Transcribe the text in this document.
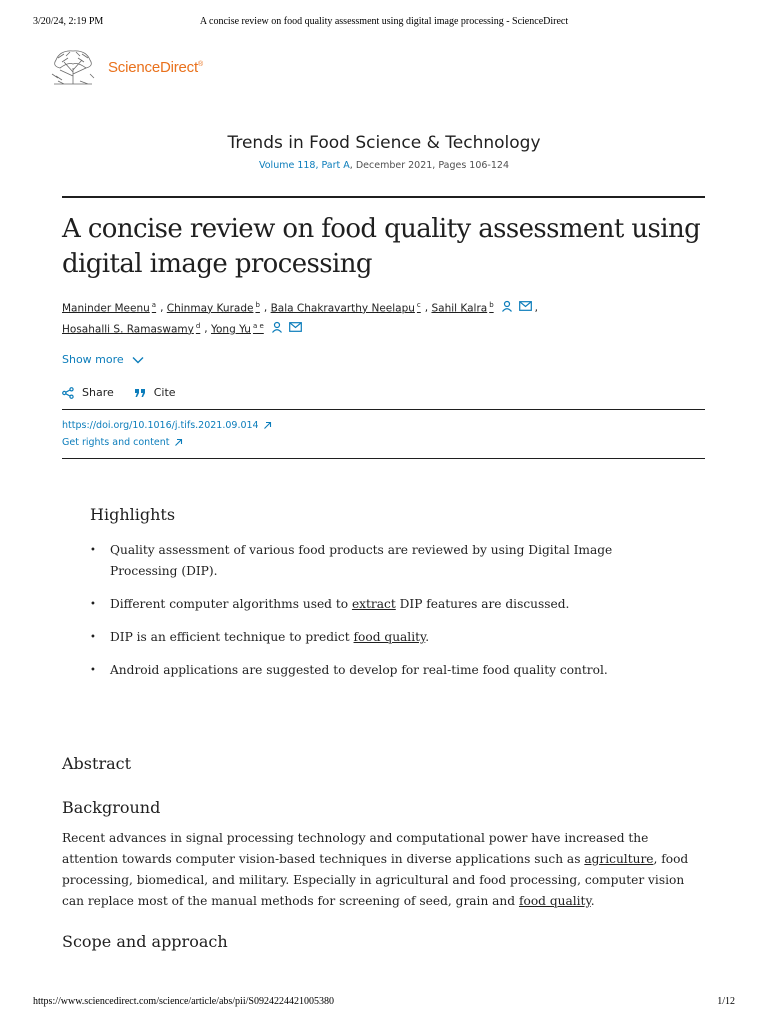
3/20/24, 2:19 PM	A concise review on food quality assessment using digital image processing - ScienceDirect
ScienceDirect®
Trends in Food Science & Technology
Volume 118, Part A, December 2021, Pages 106-124
A concise review on food quality assessment using digital image processing
Maninder Meenu $^a$ , Chinmay Kurade $^b$ , Bala Chakravarthy Neelapu $^c$ , Sahil Kalra $^b$	,
Hosahalli S. Ramaswamy $^d$ , Yong Yu $^{a e}$
Show more
Share	Cite
https://doi.org/10.1016/j.tifs.2021.09.014
Get rights and content
Highlights
• Quality assessment of various food products are reviewed by using Digital Image Processing (DIP).
• Different computer algorithms used to extract DIP features are discussed.
• DIP is an efficient technique to predict food quality.
• Android applications are suggested to develop for real-time food quality control.
Abstract
Background

Recent advances in signal processing technology and computational power have increased the attention towards computer vision-based techniques in diverse applications such as agriculture, food processing, biomedical, and military. Especially in agricultural and food processing, computer vision can replace most of the manual methods for screening of seed, grain and food quality.

Scope and approach
https://www.sciencedirect.com/science/article/abs/pii/S0924224421005380	1/12
